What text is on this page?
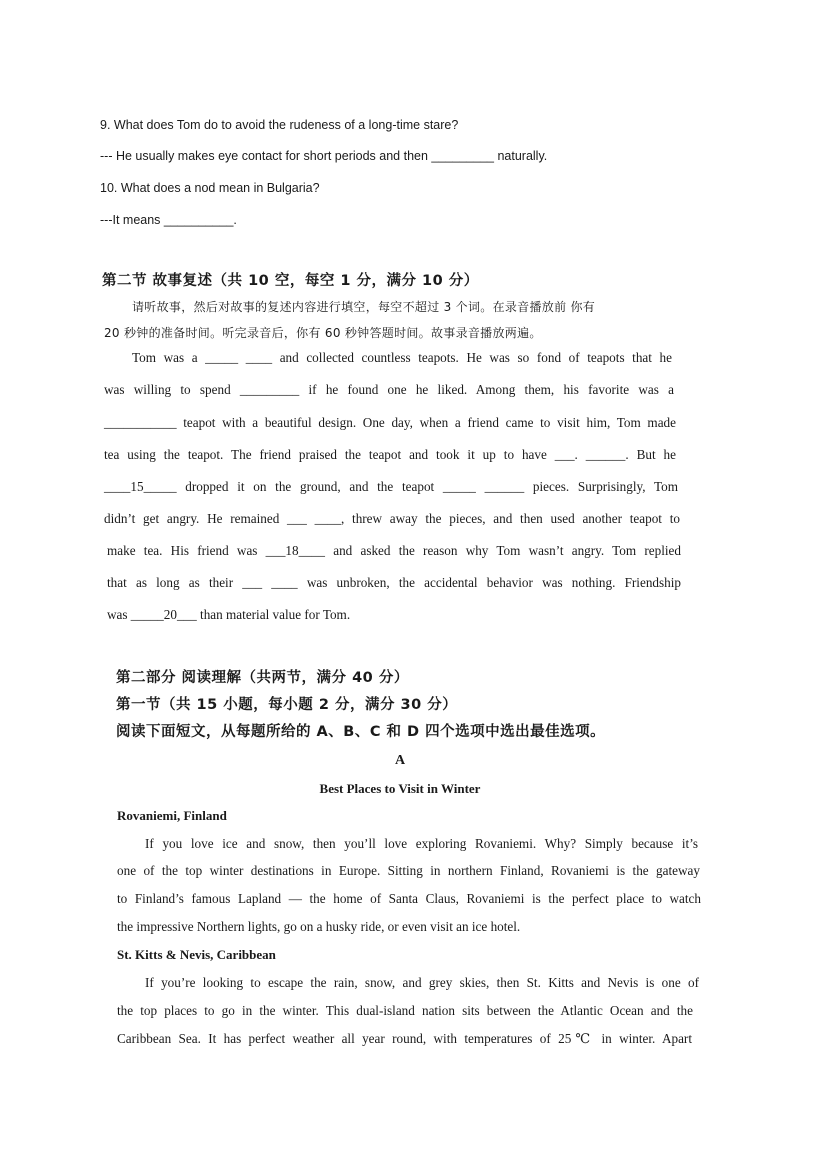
9. What does Tom do to avoid the rudeness of a long-time stare?
--- He usually makes eye contact for short periods and then _________ naturally.
10. What does a nod mean in Bulgaria?
---It means __________.
第二节 故事复述（共 10 空，每空 1 分，满分 10 分）
请听故事，然后对故事的复述内容进行填空，每空不超过 3 个词。在录音播放前 你有
20 秒钟的准备时间。听完录音后，你有 60 秒钟答题时间。故事录音播放两遍。
Tom was a _____ ____ and collected countless teapots. He was so fond of teapots that he
was willing to spend _________ if he found one he liked. Among them, his favorite was a
___________ teapot with a beautiful design. One day, when a friend came to visit him, Tom made
tea using the teapot. The friend praised the teapot and took it up to have ___. ______. But he
____15_____ dropped it on the ground, and the teapot _____ ______ pieces. Surprisingly, Tom
didn’t get angry. He remained ___ ____, threw away the pieces, and then used another teapot to
make tea. His friend was ___18____ and asked the reason why Tom wasn’t angry. Tom replied
that as long as their ___ ____ was unbroken, the accidental behavior was nothing. Friendship
was _____20___ than material value for Tom.
第二部分 阅读理解（共两节，满分 40 分）
第一节（共 15 小题，每小题 2 分，满分 30 分）
阅读下面短文，从每题所给的 A、B、C 和 D 四个选项中选出最佳选项。
A
Best Places to Visit in Winter
Rovaniemi, Finland
If you love ice and snow, then you’ll love exploring Rovaniemi. Why? Simply because it’s
one of the top winter destinations in Europe. Sitting in northern Finland, Rovaniemi is the gateway
to Finland’s famous Lapland — the home of Santa Claus, Rovaniemi is the perfect place to watch
the impressive Northern lights, go on a husky ride, or even visit an ice hotel.
St. Kitts & Nevis, Caribbean
If you’re looking to escape the rain, snow, and grey skies, then St. Kitts and Nevis is one of
the top places to go in the winter. This dual-island nation sits between the Atlantic Ocean and the
Caribbean Sea. It has perfect weather all year round, with temperatures of 25℃ in winter. Apart
